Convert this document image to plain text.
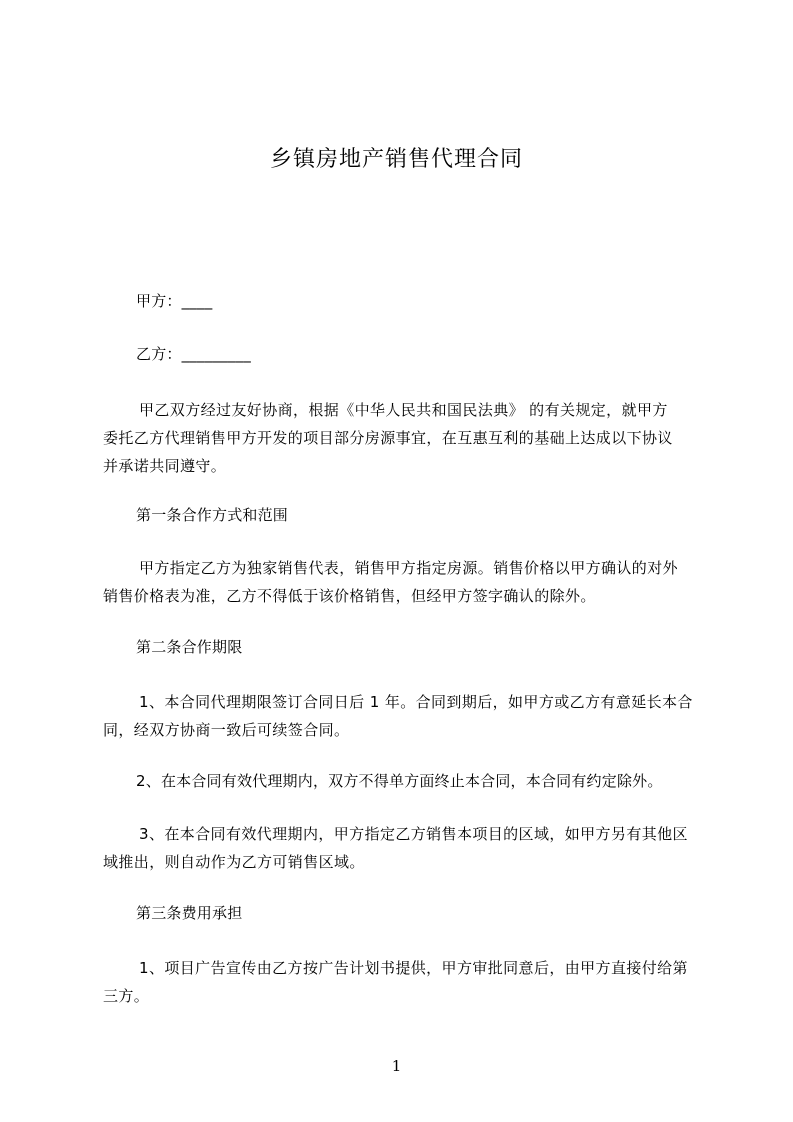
乡镇房地产销售代理合同
甲方：____
乙方：_________
甲乙双方经过友好协商，根据《中华人民共和国民法典》 的有关规定，就甲方
委托乙方代理销售甲方开发的项目部分房源事宜，在互惠互利的基础上达成以下协议
并承诺共同遵守。
第一条合作方式和范围
甲方指定乙方为独家销售代表，销售甲方指定房源。销售价格以甲方确认的对外
销售价格表为准，乙方不得低于该价格销售，但经甲方签字确认的除外。
第二条合作期限
1、本合同代理期限签订合同日后 1 年。合同到期后，如甲方或乙方有意延长本合
同，经双方协商一致后可续签合同。
2、在本合同有效代理期内，双方不得单方面终止本合同，本合同有约定除外。
3、在本合同有效代理期内，甲方指定乙方销售本项目的区域，如甲方另有其他区
域推出，则自动作为乙方可销售区域。
第三条费用承担
1、项目广告宣传由乙方按广告计划书提供，甲方审批同意后，由甲方直接付给第
三方。
1
